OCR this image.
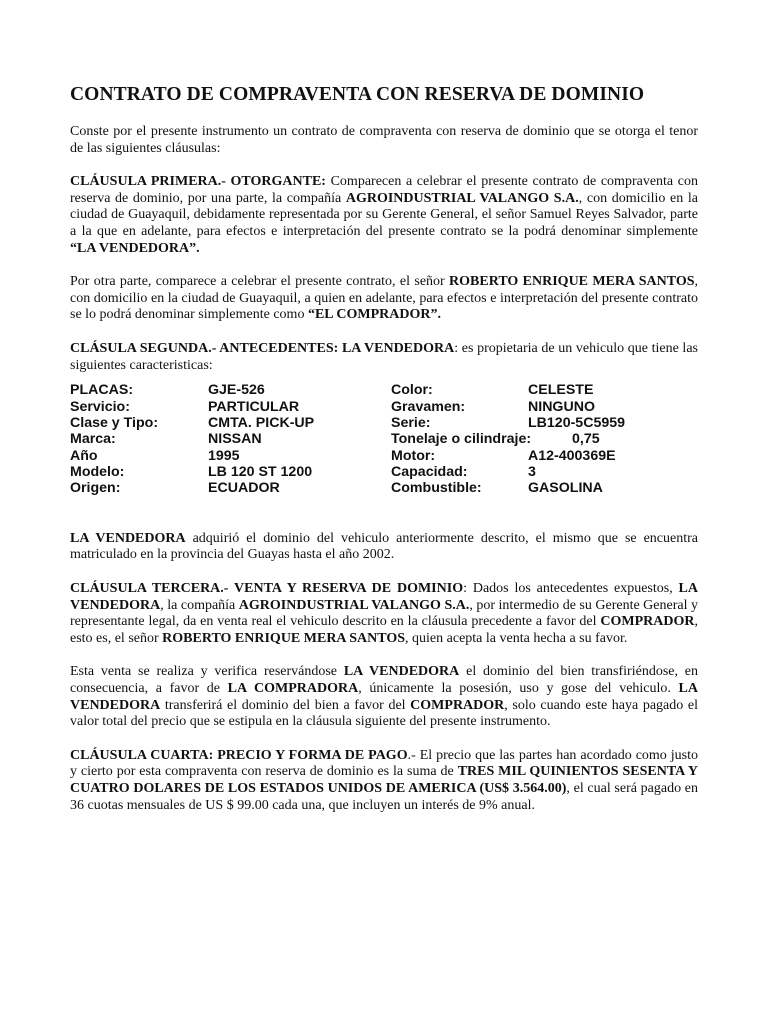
CONTRATO DE COMPRAVENTA CON RESERVA DE DOMINIO

Conste por el presente instrumento un contrato de compraventa con reserva de dominio que se otorga el tenor de las siguientes cláusulas:

CLÁUSULA PRIMERA.- OTORGANTE: Comparecen a celebrar el presente contrato de compraventa con reserva de dominio, por una parte, la compañía AGROINDUSTRIAL VALANGO S.A., con domicilio en la ciudad de Guayaquil, debidamente representada por su Gerente General, el señor Samuel Reyes Salvador, parte a la que en adelante, para efectos e interpretación del presente contrato se la podrá denominar simplemente “LA VENDEDORA”.

Por otra parte, comparece a celebrar el presente contrato, el señor ROBERTO ENRIQUE MERA SANTOS, con domicilio en la ciudad de Guayaquil, a quien en adelante, para efectos e interpretación del presente contrato se lo podrá denominar simplemente como “EL COMPRADOR”.

CLÁSULA SEGUNDA.- ANTECEDENTES: LA VENDEDORA: es propietaria de un vehiculo que tiene las siguientes caracteristicas:

PLACAS:	GJE-526	Color:	CELESTE
Servicio:	PARTICULAR	Gravamen:	NINGUNO
Clase y Tipo:	CMTA. PICK-UP	Serie:	LB120-5C5959
Marca:	NISSAN	Tonelaje o cilindraje:	0,75
Año	1995	Motor:	A12-400369E
Modelo:	LB 120 ST 1200	Capacidad:	3
Origen:	ECUADOR	Combustible:	GASOLINA

LA VENDEDORA adquirió el dominio del vehiculo anteriormente descrito, el mismo que se encuentra matriculado en la provincia del Guayas hasta el año 2002.

CLÁUSULA TERCERA.- VENTA Y RESERVA DE DOMINIO: Dados los antecedentes expuestos, LA VENDEDORA, la compañía AGROINDUSTRIAL VALANGO S.A., por intermedio de su Gerente General y representante legal, da en venta real el vehiculo descrito en la cláusula precedente a favor del COMPRADOR, esto es, el señor ROBERTO ENRIQUE MERA SANTOS, quien acepta la venta hecha a su favor.

Esta venta se realiza y verifica reservándose LA VENDEDORA el dominio del bien transfiriéndose, en consecuencia, a favor de LA COMPRADORA, únicamente la posesión, uso y gose del vehiculo. LA VENDEDORA transferirá el dominio del bien a favor del COMPRADOR, solo cuando este haya pagado el valor total del precio que se estipula en la cláusula siguiente del presente instrumento.

CLÁUSULA CUARTA: PRECIO Y FORMA DE PAGO.- El precio que las partes han acordado como justo y cierto por esta compraventa con reserva de dominio es la suma de TRES MIL QUINIENTOS SESENTA Y CUATRO DOLARES DE LOS ESTADOS UNIDOS DE AMERICA (US$ 3.564.00), el cual será pagado en 36 cuotas mensuales de US $ 99.00 cada una, que incluyen un interés de 9% anual.
